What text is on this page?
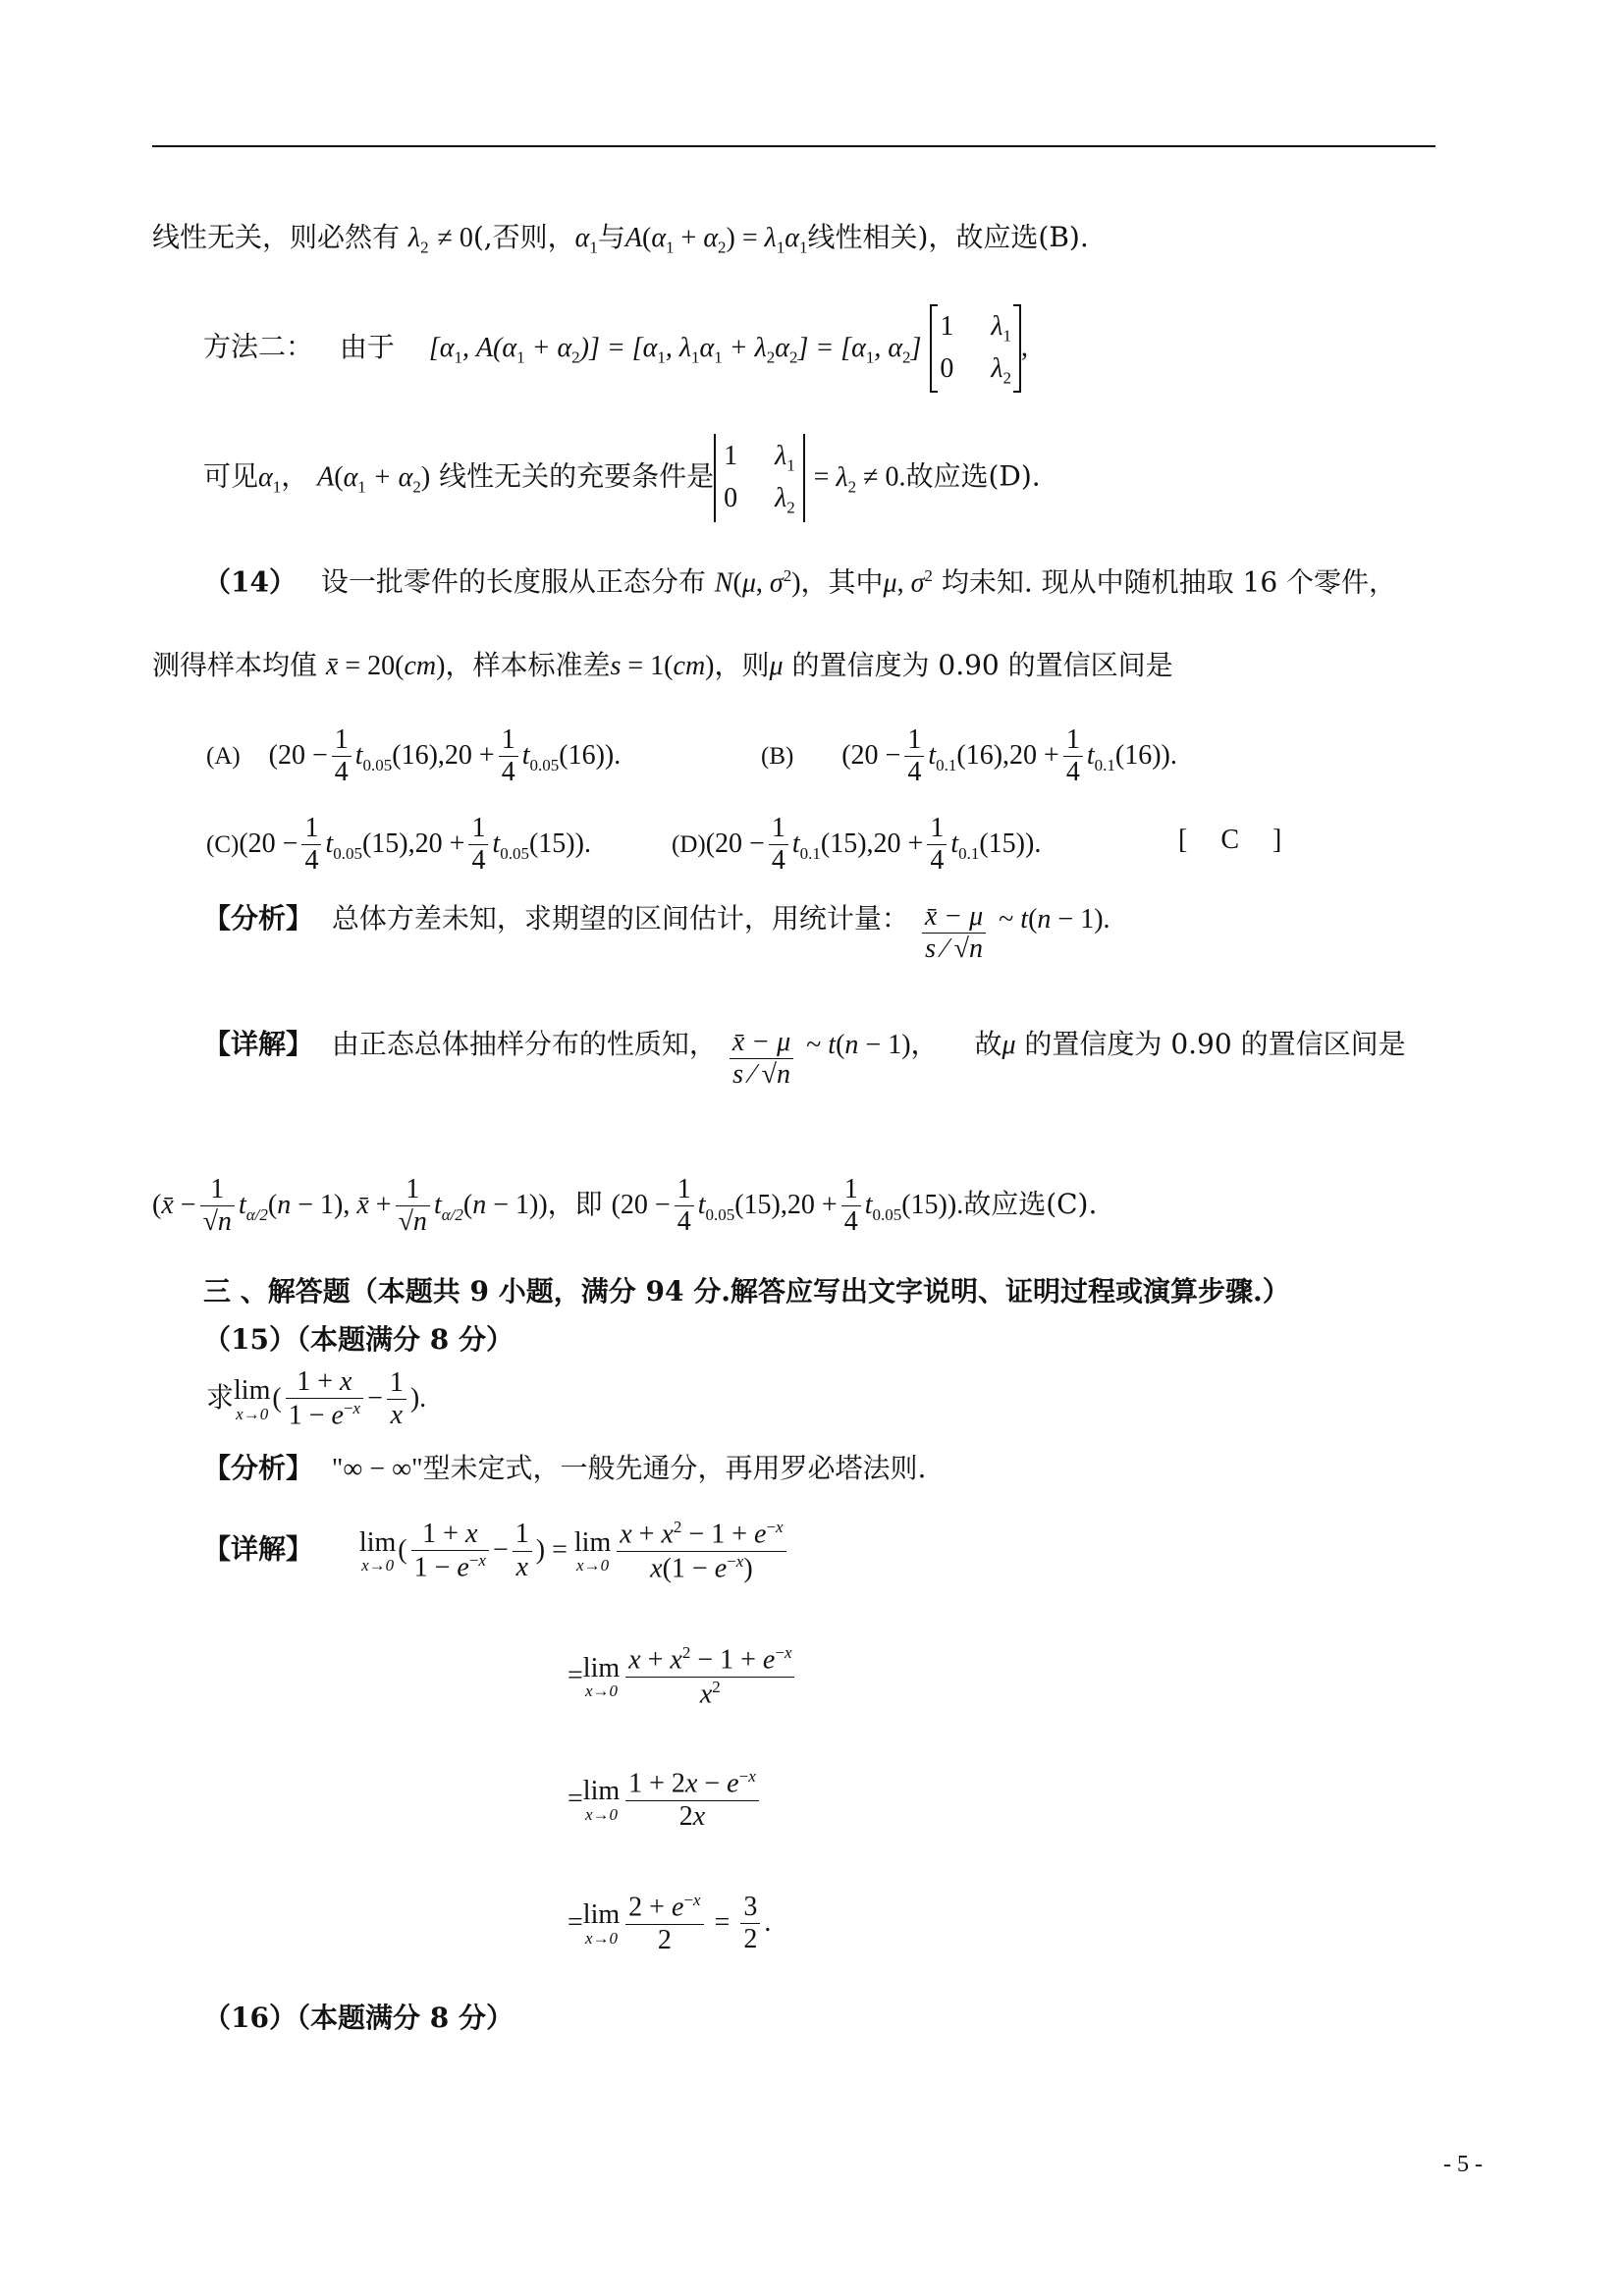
线性无关，则必然有 $\lambda_2 \ne 0$(,否则，$\alpha_1$与$A(\alpha_1 + \alpha_2) = \lambda_1\alpha_1$线性相关)，故应选(B).
方法二： 由于 [$\alpha_1$, $A(\alpha_1 + \alpha_2)] = [\alpha_1$, $\lambda_1\alpha_1 + \lambda_2\alpha_2] = [\alpha_1$, $\alpha_2$]
1 $\lambda_1$
0 $\lambda_2$
,
可见$\alpha_1$， $A(\alpha_1 + \alpha_2)$ 线性无关的充要条件是
1 $\lambda_1$
0 $\lambda_2$
= $\lambda_2 \ne 0$.故应选(D).
（14） 设一批零件的长度服从正态分布 N(μ, $\sigma^2$)，其中μ, $\sigma^2$ 均未知. 现从中随机抽取 16 个零件，
测得样本均值 x̄ = 20(cm)，样本标准差s = 1(cm)，则μ 的置信度为 0.90 的置信区间是
(A) $(20 - \frac{1}{4} t_{0.05}(16),20 + \frac{1}{4} t_{0.05}(16))$.	(B) $(20 - \frac{1}{4} t_{0.1}(16),20 + \frac{1}{4} t_{0.1}(16))$.
$(C)(20 - \frac{1}{4} t_{0.05}(15),20 + \frac{1}{4} t_{0.05}(15))$.	$(D)(20 - \frac{1}{4} t_{0.1}(15),20 + \frac{1}{4} t_{0.1}(15))$.	[ C ]
【分析】 总体方差未知，求期望的区间估计，用统计量： $\frac{x̄ - \mu}{s ⁄ √n}$ ~ t(n − 1).
【详解】 由正态总体抽样分布的性质知， $\frac{x̄ - \mu}{s ⁄ √n}$ ~ t(n − 1)， 故μ 的置信度为 0.90 的置信区间是
(x̄ − $\frac{1}{√n} t_{\alpha/2}(n - 1)$, x̄ + $\frac{1}{√n} t_{\alpha/2}(n - 1)$)，即 $(20 - \frac{1}{4} t_{0.05}(15),20 + \frac{1}{4} t_{0.05}(15))$.故应选(C).
三 、解答题（本题共 9 小题，满分 94 分.解答应写出文字说明、证明过程或演算步骤.）
（15）（本题满分 8 分）
求 lim
x→0
( $\frac{1 + x}{1 - e^{-x}} - \frac{1}{x}$ ).
【分析】 "∞ − ∞"型未定式，一般先通分，再用罗必塔法则.
【详解】 lim
x→0
( $\frac{1 + x}{1 - e^{-x}} - \frac{1}{x}$ ) = lim
$x\to 0 \frac{x + x^2 - 1 + e^{-x}}{x(1 - e^{-x})}$
= lim
$x\to 0 \frac{x + x^2 - 1 + e^{-x}}{x^2}$
= lim
$x\to 0 \frac{1 + 2x - e^{-x}}{2x}$
= lim
$x\to 0 \frac{2 + e^{-x}}{2} = \frac{3}{2}$ .
（16）（本题满分 8 分）
- 5 -
